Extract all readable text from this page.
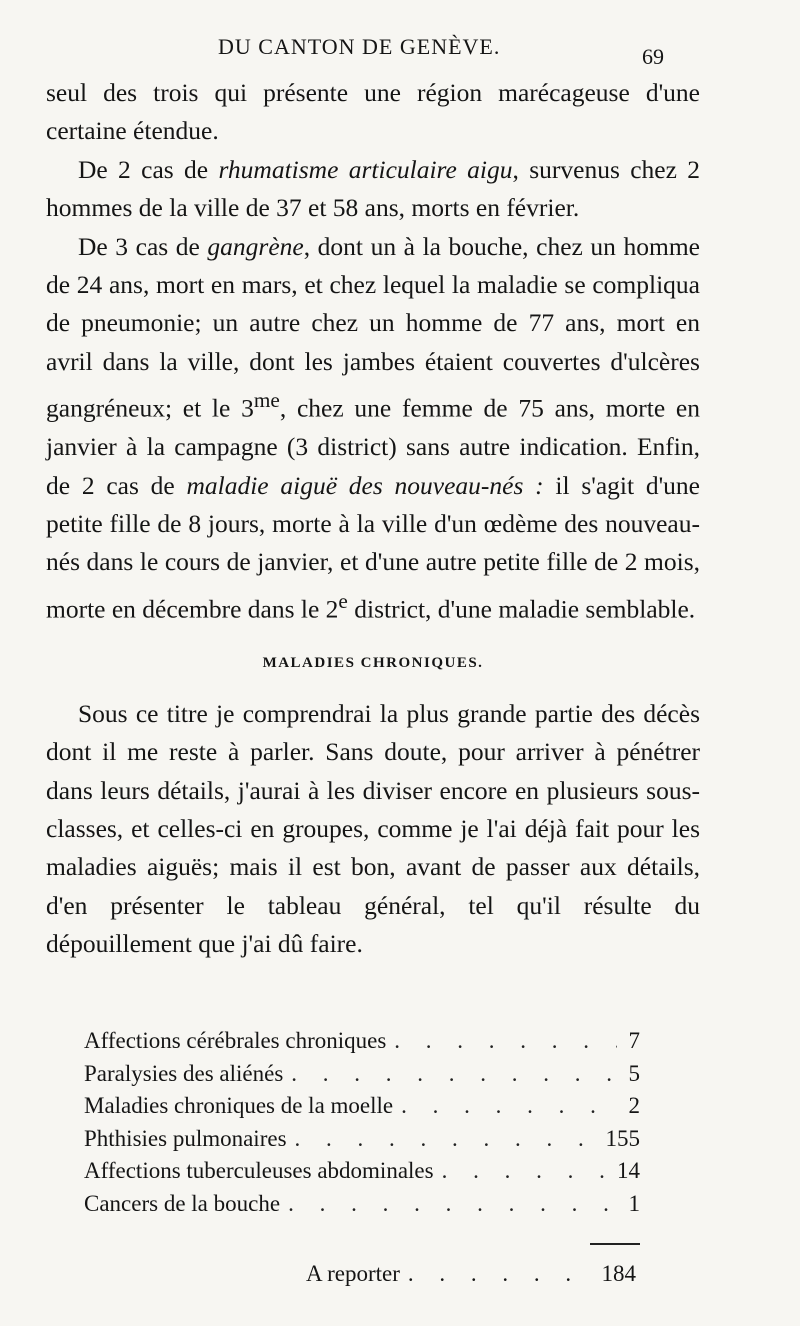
DU CANTON DE GENÈVE.	69

seul des trois qui présente une région marécageuse d'une certaine étendue.

De 2 cas de rhumatisme articulaire aigu, survenus chez 2 hommes de la ville de 37 et 58 ans, morts en février.

De 3 cas de gangrène, dont un à la bouche, chez un homme de 24 ans, mort en mars, et chez lequel la maladie se compliqua de pneumonie; un autre chez un homme de 77 ans, mort en avril dans la ville, dont les jambes étaient couvertes d'ulcères gangréneux; et le $3^{me}$, chez une femme de 75 ans, morte en janvier à la campagne (3 district) sans autre indication. Enfin, de 2 cas de maladie aiguë des nouveau-nés : il s'agit d'une petite fille de 8 jours, morte à la ville d'un œdème des nouveau-nés dans le cours de janvier, et d'une autre petite fille de 2 mois, morte en décembre dans le 2e district, d'une maladie semblable.

MALADIES CHRONIQUES.

Sous ce titre je comprendrai la plus grande partie des décès dont il me reste à parler. Sans doute, pour arriver à pénétrer dans leurs détails, j'aurai à les diviser encore en plusieurs sous-classes, et celles-ci en groupes, comme je l'ai déjà fait pour les maladies aiguës; mais il est bon, avant de passer aux détails, d'en présenter le tableau général, tel qu'il résulte du dépouillement que j'ai dû faire.

Affections cérébrales chroniques . . .	7
Paralysies des aliénés . . .	5
Maladies chroniques de la moelle . . .	2
Phthisies pulmonaires . . .	155
Affections tuberculeuses abdominales . . .	14
Cancers de la bouche . . .	1
A reporter . . .	184
